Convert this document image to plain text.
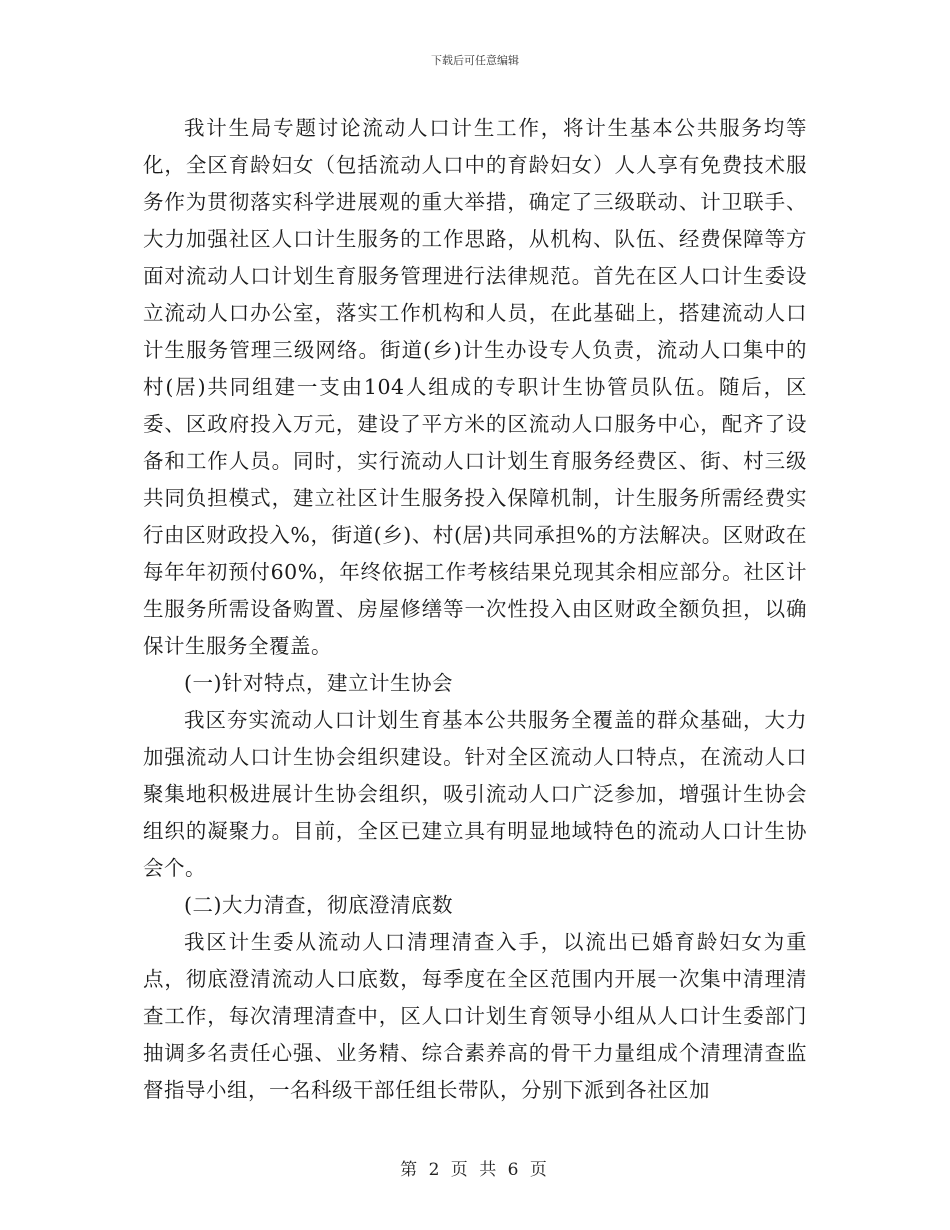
下载后可任意编辑

我计生局专题讨论流动人口计生工作，将计生基本公共服务均等化，全区育龄妇女（包括流动人口中的育龄妇女）人人享有免费技术服务作为贯彻落实科学进展观的重大举措，确定了三级联动、计卫联手、大力加强社区人口计生服务的工作思路，从机构、队伍、经费保障等方面对流动人口计划生育服务管理进行法律规范。首先在区人口计生委设立流动人口办公室，落实工作机构和人员，在此基础上，搭建流动人口计生服务管理三级网络。街道(乡)计生办设专人负责，流动人口集中的村(居)共同组建一支由104人组成的专职计生协管员队伍。随后，区委、区政府投入万元，建设了平方米的区流动人口服务中心，配齐了设备和工作人员。同时，实行流动人口计划生育服务经费区、街、村三级共同负担模式，建立社区计生服务投入保障机制，计生服务所需经费实行由区财政投入%，街道(乡)、村(居)共同承担%的方法解决。区财政在每年年初预付60%，年终依据工作考核结果兑现其余相应部分。社区计生服务所需设备购置、房屋修缮等一次性投入由区财政全额负担，以确保计生服务全覆盖。

(一)针对特点，建立计生协会

我区夯实流动人口计划生育基本公共服务全覆盖的群众基础，大力加强流动人口计生协会组织建设。针对全区流动人口特点，在流动人口聚集地积极进展计生协会组织，吸引流动人口广泛参加，增强计生协会组织的凝聚力。目前，全区已建立具有明显地域特色的流动人口计生协会个。

(二)大力清查，彻底澄清底数

我区计生委从流动人口清理清查入手，以流出已婚育龄妇女为重点，彻底澄清流动人口底数，每季度在全区范围内开展一次集中清理清查工作，每次清理清查中，区人口计划生育领导小组从人口计生委部门抽调多名责任心强、业务精、综合素养高的骨干力量组成个清理清查监督指导小组，一名科级干部任组长带队，分别下派到各社区加

第 2 页 共 6 页
